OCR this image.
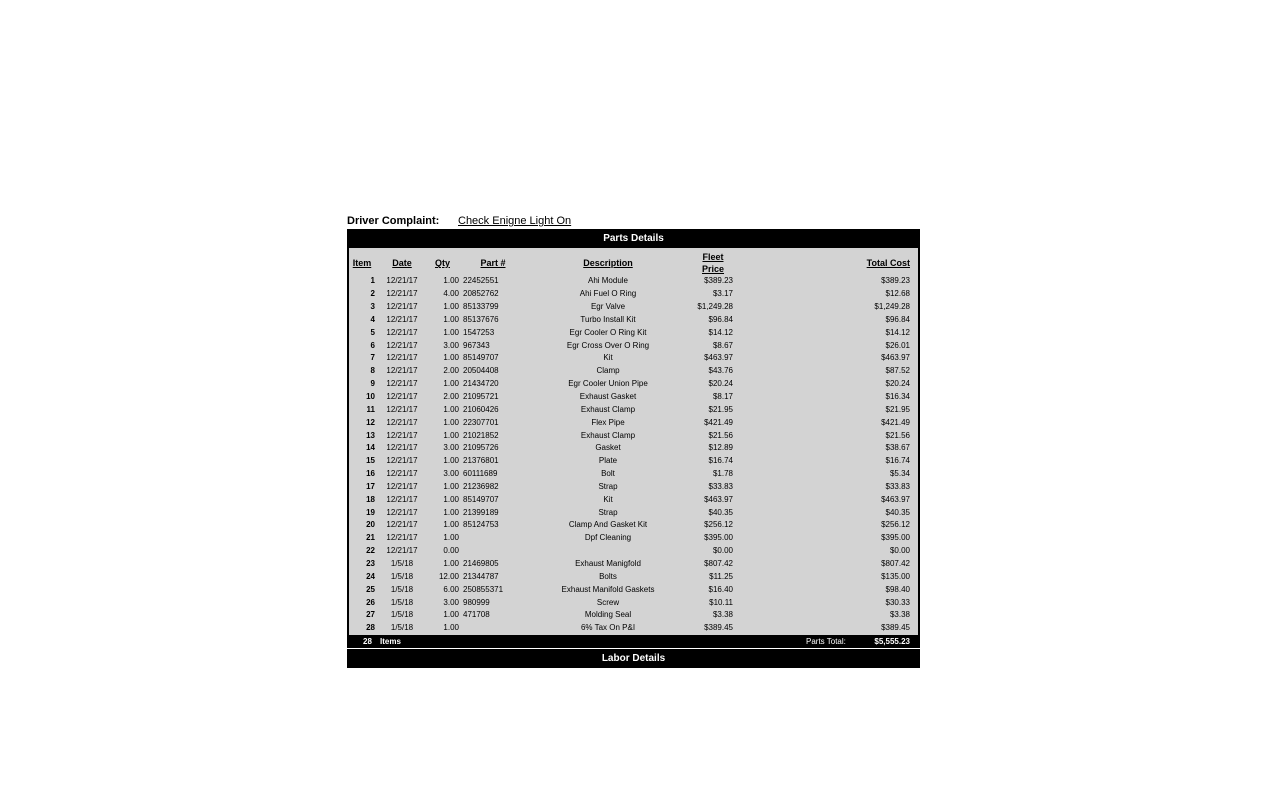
Driver Complaint: Check Enigne Light On
Parts Details
Item	Date	Qty	Part #	Description	Fleet Price	Total Cost
1	12/21/17	1.00	22452551	Ahi Module	$389.23	$389.23
2	12/21/17	4.00	20852762	Ahi Fuel O Ring	$3.17	$12.68
3	12/21/17	1.00	85133799	Egr Valve	$1,249.28	$1,249.28
4	12/21/17	1.00	85137676	Turbo Install Kit	$96.84	$96.84
5	12/21/17	1.00	1547253	Egr Cooler O Ring Kit	$14.12	$14.12
6	12/21/17	3.00	967343	Egr Cross Over O Ring	$8.67	$26.01
7	12/21/17	1.00	85149707	Kit	$463.97	$463.97
8	12/21/17	2.00	20504408	Clamp	$43.76	$87.52
9	12/21/17	1.00	21434720	Egr Cooler Union Pipe	$20.24	$20.24
10	12/21/17	2.00	21095721	Exhaust Gasket	$8.17	$16.34
11	12/21/17	1.00	21060426	Exhaust Clamp	$21.95	$21.95
12	12/21/17	1.00	22307701	Flex Pipe	$421.49	$421.49
13	12/21/17	1.00	21021852	Exhaust Clamp	$21.56	$21.56
14	12/21/17	3.00	21095726	Gasket	$12.89	$38.67
15	12/21/17	1.00	21376801	Plate	$16.74	$16.74
16	12/21/17	3.00	60111689	Bolt	$1.78	$5.34
17	12/21/17	1.00	21236982	Strap	$33.83	$33.83
18	12/21/17	1.00	85149707	Kit	$463.97	$463.97
19	12/21/17	1.00	21399189	Strap	$40.35	$40.35
20	12/21/17	1.00	85124753	Clamp And Gasket Kit	$256.12	$256.12
21	12/21/17	1.00		Dpf Cleaning	$395.00	$395.00
22	12/21/17	0.00			$0.00	$0.00
23	1/5/18	1.00	21469805	Exhaust Manigfold	$807.42	$807.42
24	1/5/18	12.00	21344787	Bolts	$11.25	$135.00
25	1/5/18	6.00	250855371	Exhaust Manifold Gaskets	$16.40	$98.40
26	1/5/18	3.00	980999	Screw	$10.11	$30.33
27	1/5/18	1.00	471708	Molding Seal	$3.38	$3.38
28	1/5/18	1.00		6% Tax On P&I	$389.45	$389.45
28 Items	Parts Total:	$5,555.23
Labor Details
